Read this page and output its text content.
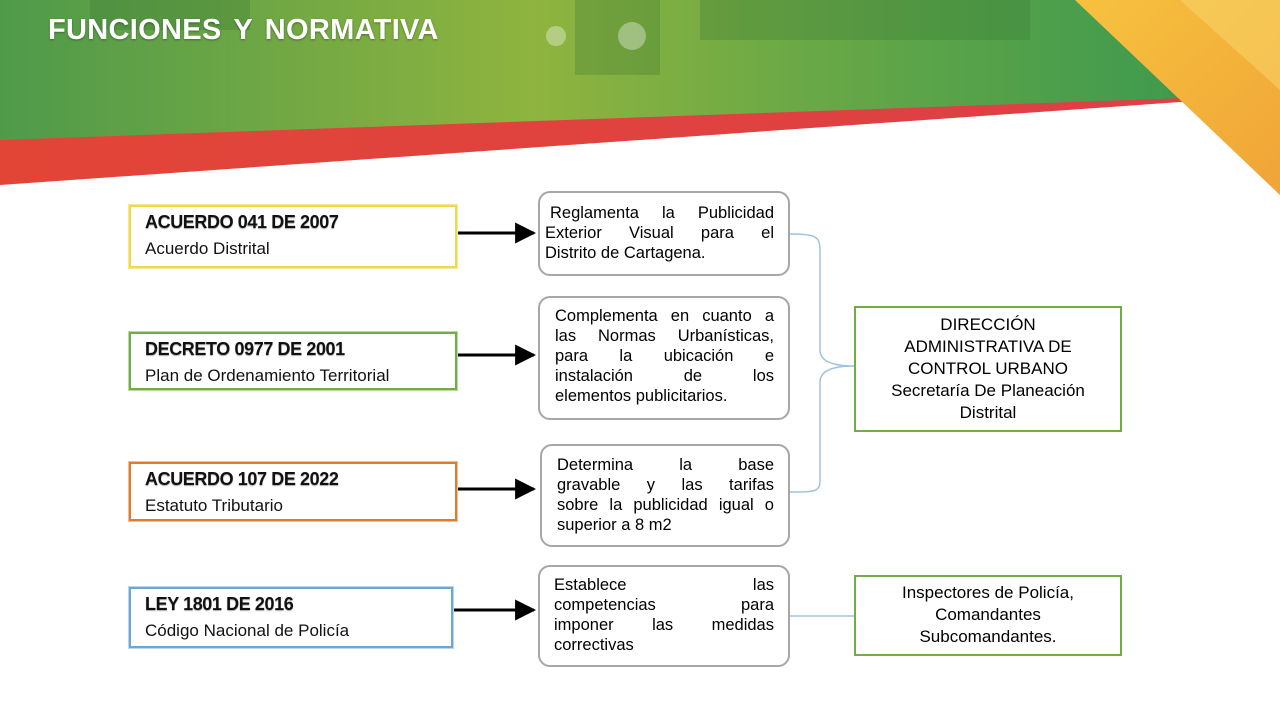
FUNCIONES Y NORMATIVA
ACUERDO 041 DE 2007
Acuerdo Distrital
DECRETO 0977 DE 2001
Plan de Ordenamiento Territorial
ACUERDO 107 DE 2022
Estatuto Tributario
LEY 1801 DE 2016
Código Nacional de Policía
Reglamenta la Publicidad
Exterior Visual para el
Distrito de Cartagena.
Complementa en cuanto a
las Normas Urbanísticas,
para la ubicación e
instalación de los
elementos publicitarios.
Determina la base
gravable y las tarifas
sobre la publicidad igual o
superior a 8 m2
Establece las
competencias para
imponer las medidas
correctivas
DIRECCIÓN
ADMINISTRATIVA DE
CONTROL URBANO
Secretaría De Planeación
Distrital
Inspectores de Policía,
Comandantes
Subcomandantes.
